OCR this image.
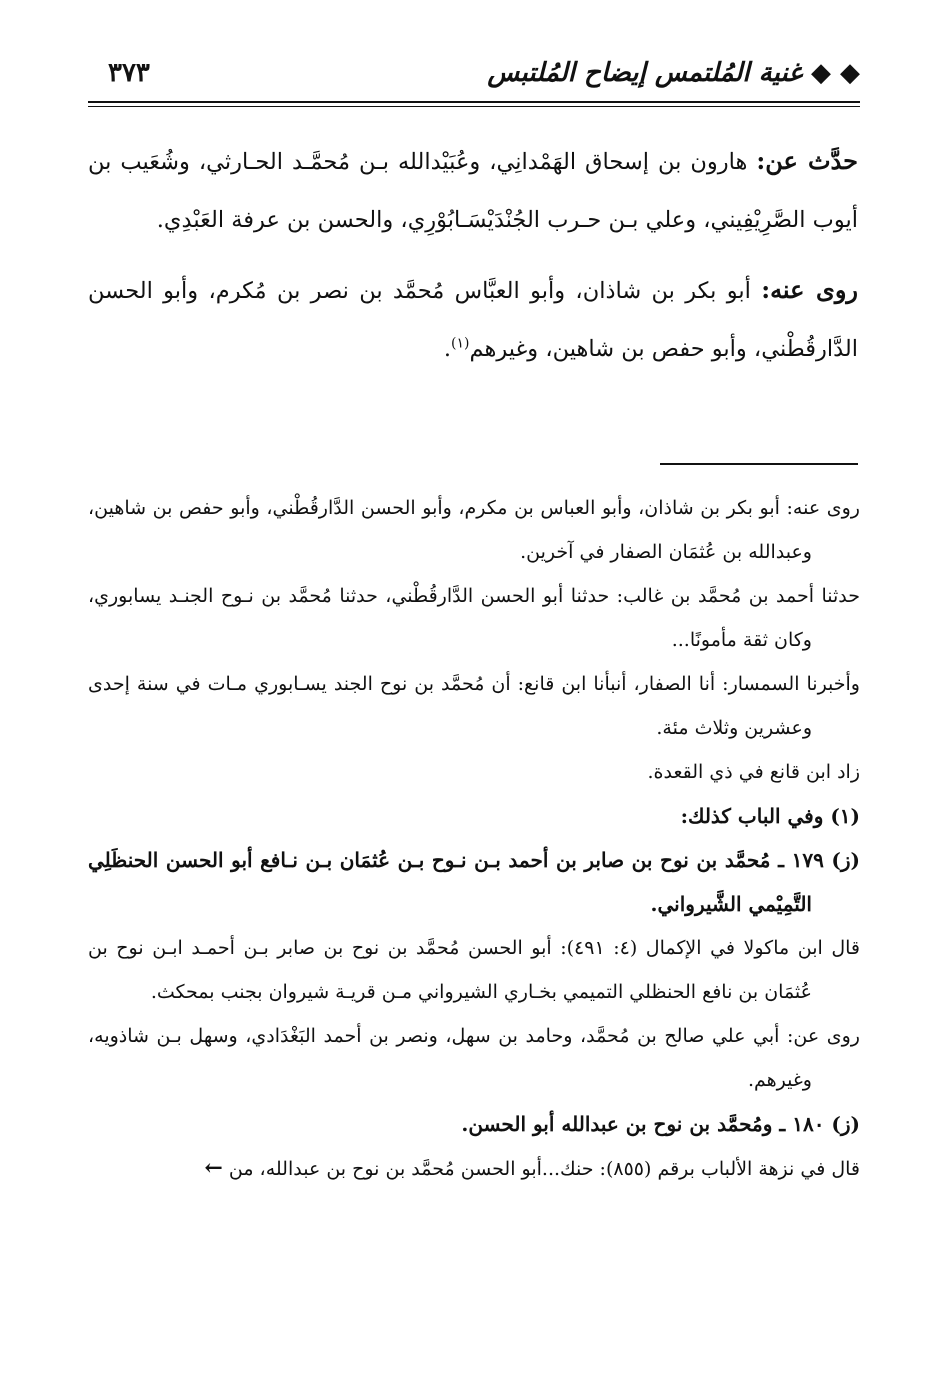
◆ ◆ غنية المُلتمس إيضاح المُلتبس
٣٧٣

حدَّث عن: هارون بن إسحاق الهَمْدانِي، وعُبَيْدالله بـن مُحمَّـد الحـارثي، وشُعَيب بن أيوب الصَّرِيْفِيني، وعلي بـن حـرب الجُنْدَيْسَـابُوْرِي، والحسن بن عرفة العَبْدِي.

روى عنه: أبو بكر بن شاذان، وأبو العبَّاس مُحمَّد بن نصر بن مُكرم، وأبو الحسن الدَّارقُطْني، وأبو حفص بن شاهين، وغيرهم$^{(١)}$.

روى عنه: أبو بكر بن شاذان، وأبو العباس بن مكرم، وأبو الحسن الدَّارقُطْني، وأبو حفص بن شاهين، وعبدالله بن عُثمَان الصفار في آخرين.

حدثنا أحمد بن مُحمَّد بن غالب: حدثنا أبو الحسن الدَّارقُطْني، حدثنا مُحمَّد بن نـوح الجنـد يسابوري، وكان ثقة مأمونًا...

وأخبرنا السمسار: أنا الصفار، أنبأنا ابن قانع: أن مُحمَّد بن نوح الجند يسـابوري مـات في سنة إحدى وعشرين وثلاث مئة.

زاد ابن قانع في ذي القعدة.

(١) وفي الباب كذلك:

(ز) ١٧٩ ـ مُحمَّد بن نوح بن صابر بن أحمد بـن نـوح بـن عُثمَان بـن نـافع أبو الحسن الحنظَلِي التَّمِيْمي الشَّيرواني.

قال ابن ماكولا في الإكمال (٤: ٤٩١): أبو الحسن مُحمَّد بن نوح بن صابر بـن أحمـد ابـن نوح بن عُثمَان بن نافع الحنظلي التميمي بخـاري الشيرواني مـن قريـة شيروان بجنب بمحكث.

روى عن: أبي علي صالح بن مُحمَّد، وحامد بن سهل، ونصر بن أحمد البَغْدَادي، وسهل بـن شاذويه، وغيرهم.

(ز) ١٨٠ ـ ومُحمَّد بن نوح بن عبدالله أبو الحسن.

قال في نزهة الألباب برقم (٨٥٥): حنك...أبو الحسن مُحمَّد بن نوح بن عبدالله، من ←
